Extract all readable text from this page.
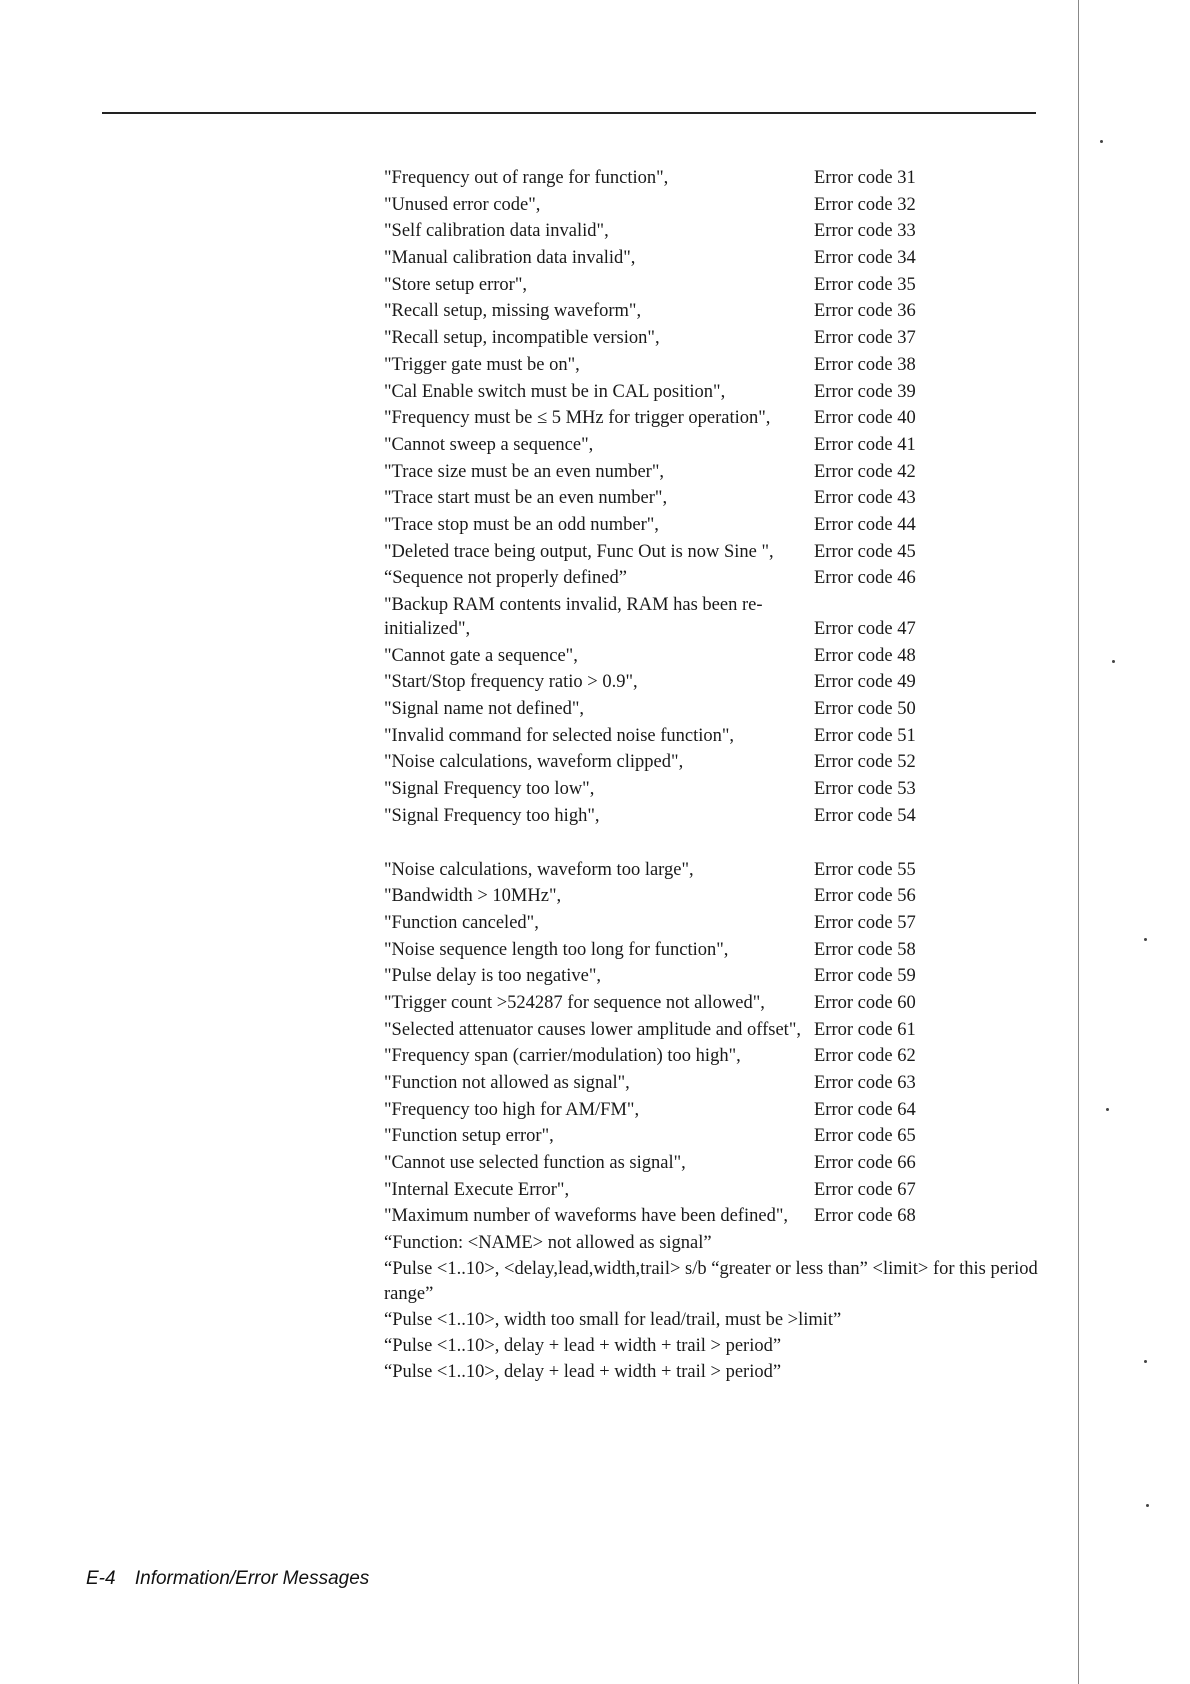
"Frequency out of range for function",	Error code 31
"Unused error code",	Error code 32
"Self calibration data invalid",	Error code 33
"Manual calibration data invalid",	Error code 34
"Store setup error",	Error code 35
"Recall setup, missing waveform",	Error code 36
"Recall setup, incompatible version",	Error code 37
"Trigger gate must be on",	Error code 38
"Cal Enable switch must be in CAL position",	Error code 39
"Frequency must be ≤ 5 MHz for trigger operation",	Error code 40
"Cannot sweep a sequence",	Error code 41
"Trace size must be an even number",	Error code 42
"Trace start must be an even number",	Error code 43
"Trace stop must be an odd number",	Error code 44
"Deleted trace being output, Func Out is now Sine ",	Error code 45
“Sequence not properly defined”	Error code 46
"Backup RAM contents invalid, RAM has been re-initialized",	Error code 47
"Cannot gate a sequence",	Error code 48
"Start/Stop frequency ratio > 0.9",	Error code 49
"Signal name not defined",	Error code 50
"Invalid command for selected noise function",	Error code 51
"Noise calculations, waveform clipped",	Error code 52
"Signal Frequency too low",	Error code 53
"Signal Frequency too high",	Error code 54
"Noise calculations, waveform too large",	Error code 55
"Bandwidth > 10MHz",	Error code 56
"Function canceled",	Error code 57
"Noise sequence length too long for function",	Error code 58
"Pulse delay is too negative",	Error code 59
"Trigger count >524287 for sequence not allowed",	Error code 60
"Selected attenuator causes lower amplitude and offset", Error code 61
"Frequency span (carrier/modulation) too high",	Error code 62
"Function not allowed as signal",	Error code 63
"Frequency too high for AM/FM",	Error code 64
"Function setup error",	Error code 65
"Cannot use selected function as signal",	Error code 66
"Internal Execute Error",	Error code 67
"Maximum number of waveforms have been defined",	Error code 68
“Function: <NAME> not allowed as signal”
“Pulse <1..10>, <delay,lead,width,trail> s/b “greater or less than” <limit> for this period range”
“Pulse <1..10>, width too small for lead/trail, must be >limit”
“Pulse <1..10>, delay + lead + width + trail > period”
“Pulse <1..10>, delay + lead + width + trail > period”
E-4 Information/Error Messages
